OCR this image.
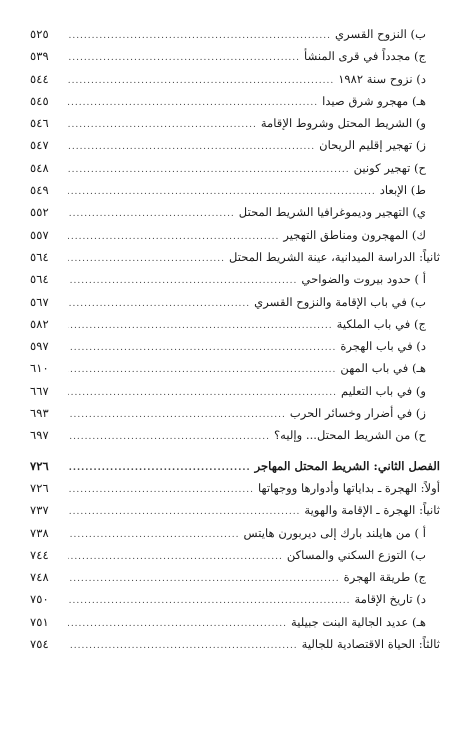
ب) النزوح القسري
.....
٥٢٥
ج) مجدداً في قرى المنشأ
.....
٥٣٩
د) نزوح سنة ١٩٨٢
.....
٥٤٤
هـ) مهجرو شرق صيدا
.....
٥٤٥
و) الشريط المحتل وشروط الإقامة
.....
٥٤٦
ز) تهجير إقليم الريحان
.....
٥٤٧
ح) تهجير كونين
.....
٥٤٨
ط) الإبعاد
.....
٥٤٩
ي) التهجير وديموغرافيا الشريط المحتل
.....
٥٥٢
ك) المهجرون ومناطق التهجير
.....
٥٥٧
ثانياً: الدراسة الميدانية، عينة الشريط المحتل
.....
٥٦٤
أ ) حدود بيروت والضواحي
.....
٥٦٤
ب) في باب الإقامة والنزوح القسري
.....
٥٦٧
ج) في باب الملكية
.....
٥٨٢
د) في باب الهجرة
.....
٥٩٧
هـ) في باب المهن
.....
٦١٠
و) في باب التعليم
.....
٦٦٧
ز) في أضرار وخسائر الحرب
.....
٦٩٣
ح) من الشريط المحتل... وإليه؟
.....
٦٩٧
الفصل الثاني: الشريط المحتل المهاجر
.....
٧٢٦
أولاً: الهجرة ـ بداياتها وأدوارها ووجهاتها
.....
٧٢٦
ثانياً: الهجرة ـ الإقامة والهوية
.....
٧٣٧
أ ) من هايلند بارك إلى ديربورن هايتس
.....
٧٣٨
ب) التوزع السكني والمساكن
.....
٧٤٤
ج) طريقة الهجرة
.....
٧٤٨
د) تاريخ الإقامة
.....
٧٥٠
هـ) عديد الجالية البنت جبيلية
.....
٧٥١
ثالثاً: الحياة الاقتصادية للجالية
.....
٧٥٤
